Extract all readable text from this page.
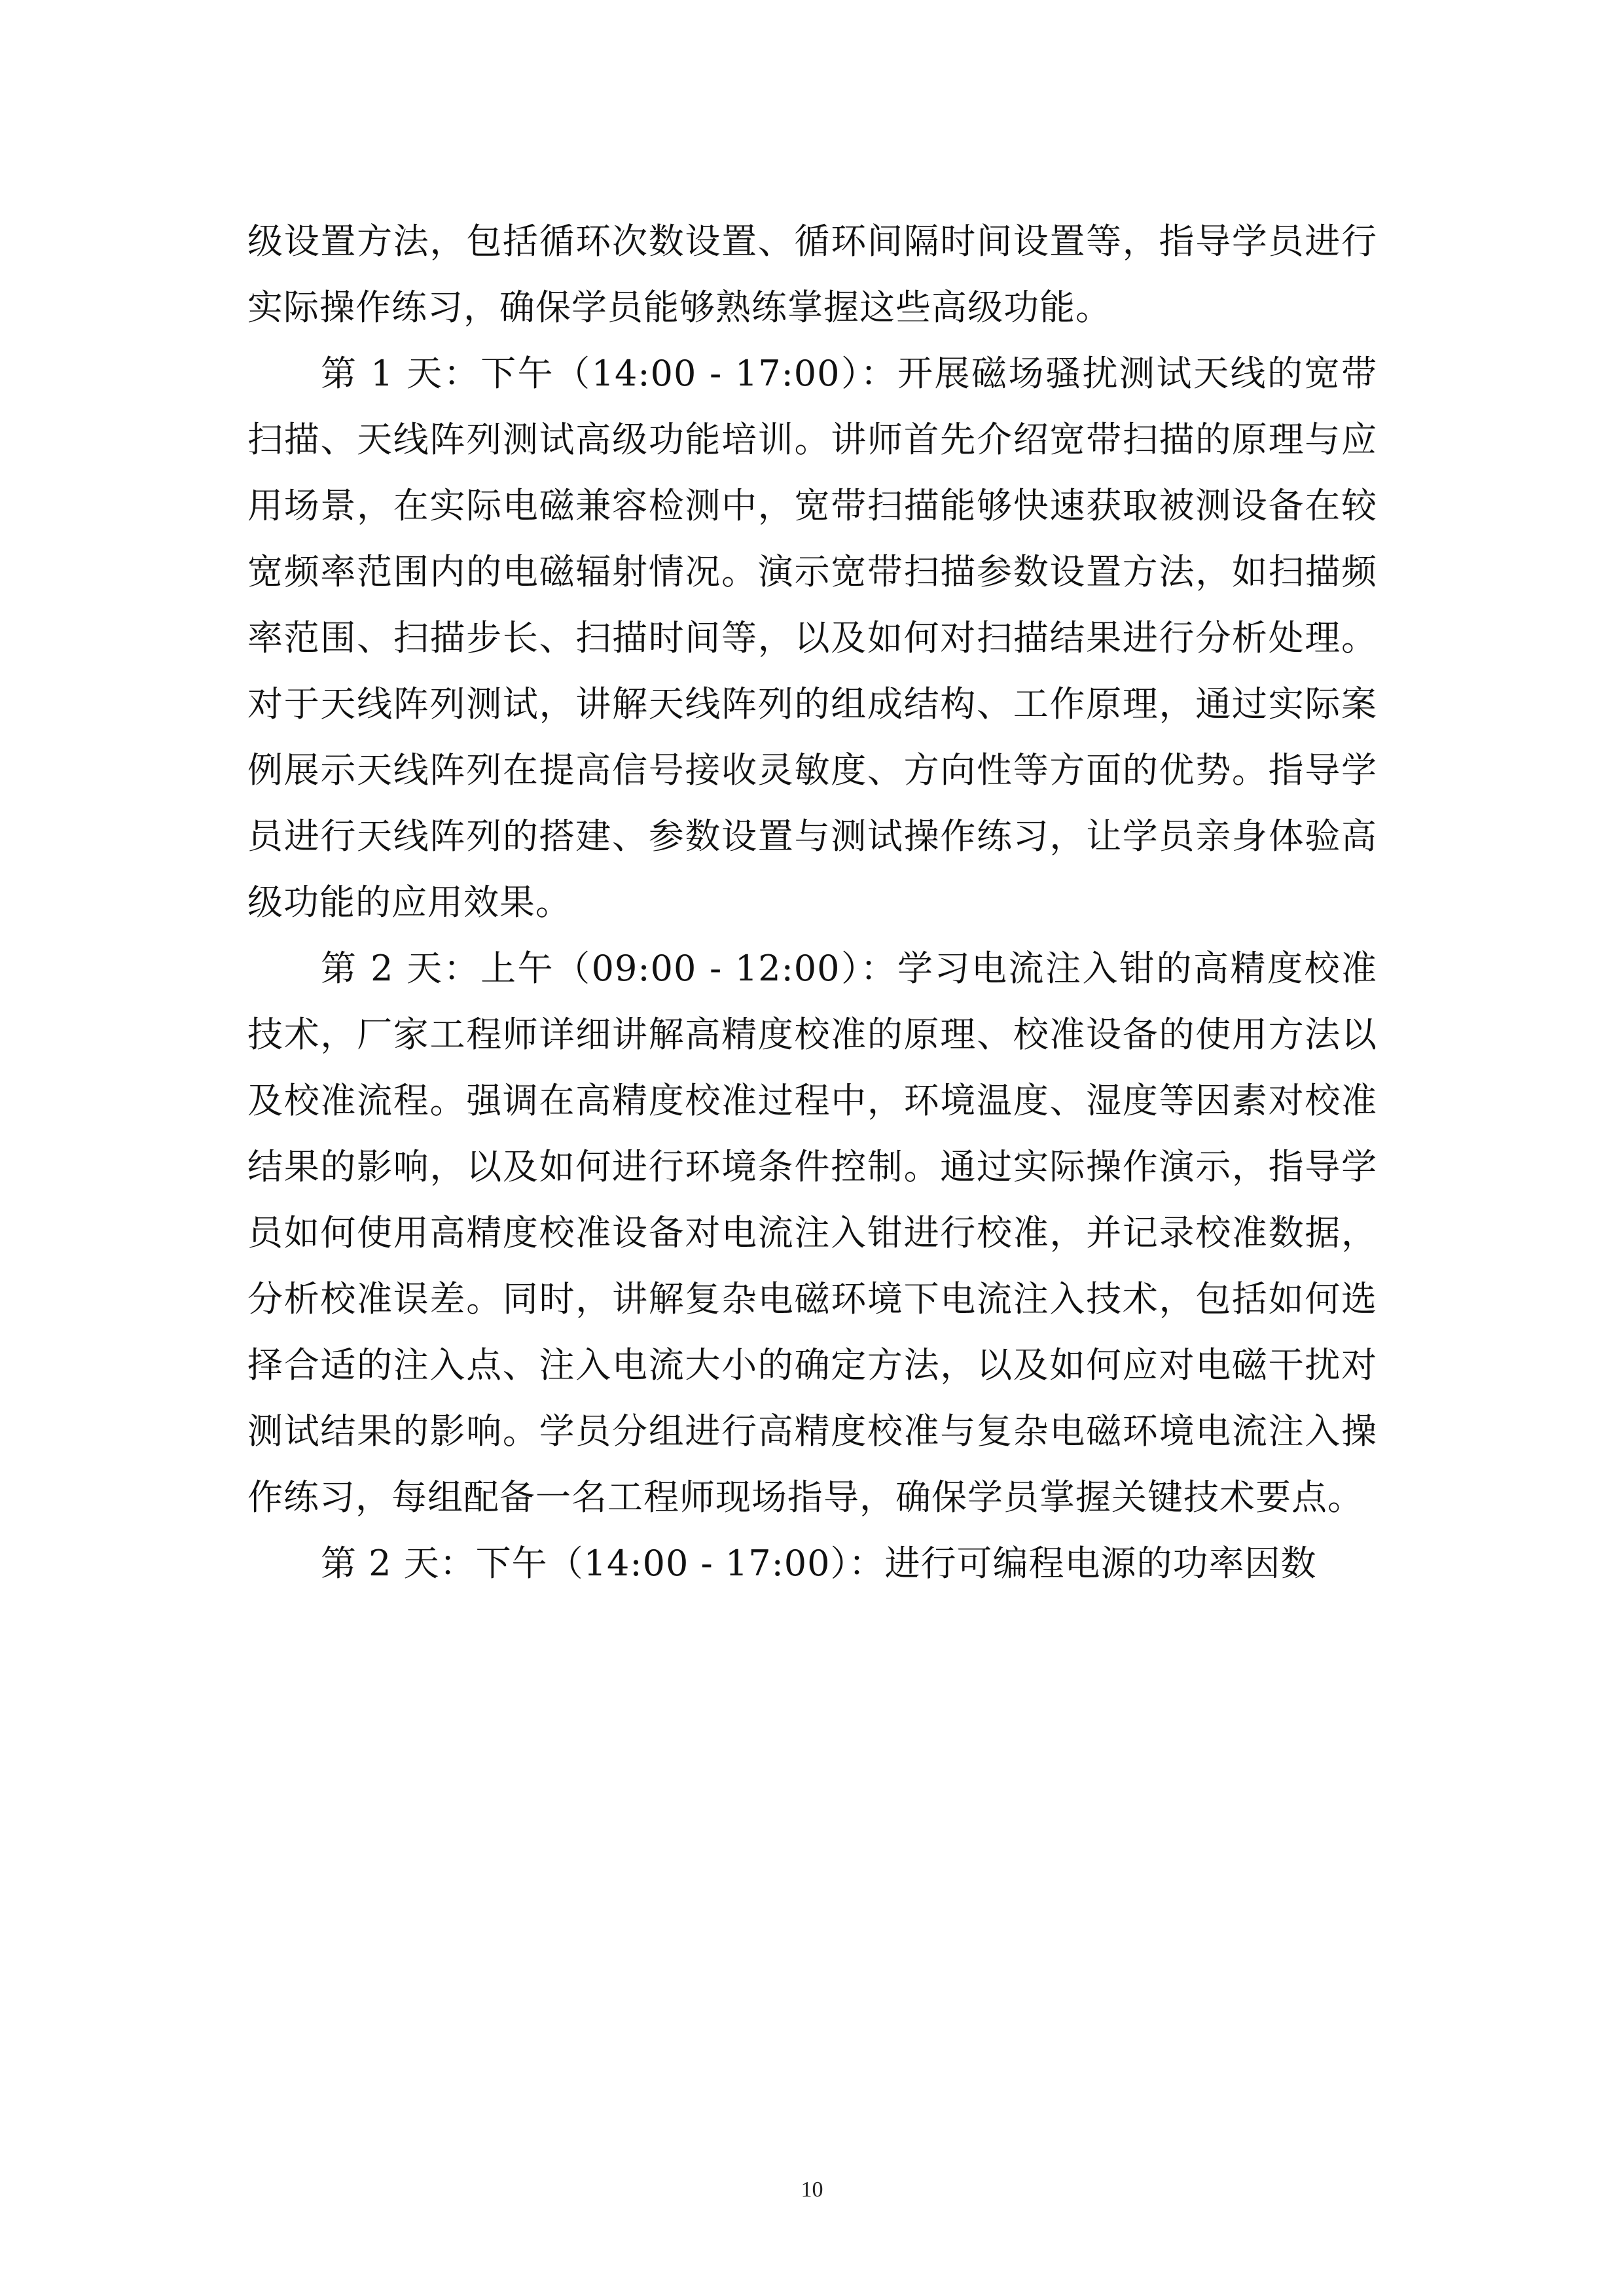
级设置方法，包括循环次数设置、循环间隔时间设置等，指导学员进行实际操作练习，确保学员能够熟练掌握这些高级功能。

第 1 天：下午（14:00 - 17:00）：开展磁场骚扰测试天线的宽带扫描、天线阵列测试高级功能培训。讲师首先介绍宽带扫描的原理与应用场景，在实际电磁兼容检测中，宽带扫描能够快速获取被测设备在较宽频率范围内的电磁辐射情况。演示宽带扫描参数设置方法，如扫描频率范围、扫描步长、扫描时间等，以及如何对扫描结果进行分析处理。对于天线阵列测试，讲解天线阵列的组成结构、工作原理，通过实际案例展示天线阵列在提高信号接收灵敏度、方向性等方面的优势。指导学员进行天线阵列的搭建、参数设置与测试操作练习，让学员亲身体验高级功能的应用效果。

第 2 天：上午（09:00 - 12:00）：学习电流注入钳的高精度校准技术，厂家工程师详细讲解高精度校准的原理、校准设备的使用方法以及校准流程。强调在高精度校准过程中，环境温度、湿度等因素对校准结果的影响，以及如何进行环境条件控制。通过实际操作演示，指导学员如何使用高精度校准设备对电流注入钳进行校准，并记录校准数据，分析校准误差。同时，讲解复杂电磁环境下电流注入技术，包括如何选择合适的注入点、注入电流大小的确定方法，以及如何应对电磁干扰对测试结果的影响。学员分组进行高精度校准与复杂电磁环境电流注入操作练习，每组配备一名工程师现场指导，确保学员掌握关键技术要点。

第 2 天：下午（14:00 - 17:00）：进行可编程电源的功率因数

10
